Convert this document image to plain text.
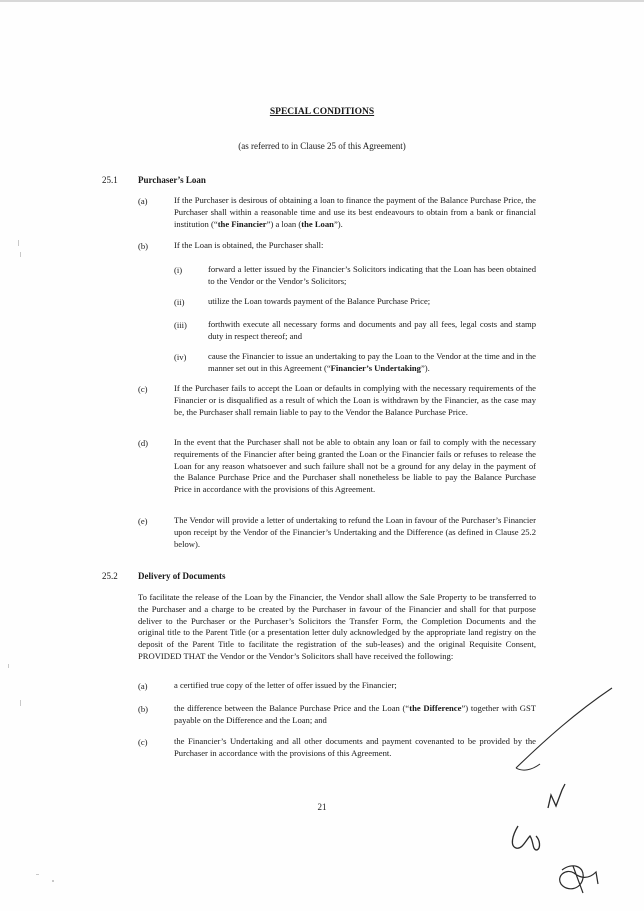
SPECIAL CONDITIONS
(as referred to in Clause 25 of this Agreement)
25.1 Purchaser’s Loan
(a)	If the Purchaser is desirous of obtaining a loan to finance the payment of the Balance Purchase Price, the Purchaser shall within a reasonable time and use its best endeavours to obtain from a bank or financial institution (“the Financier”) a loan (the Loan”).

(b)	If the Loan is obtained, the Purchaser shall:

(i)	forward a letter issued by the Financier’s Solicitors indicating that the Loan has been obtained to the Vendor or the Vendor’s Solicitors;

(ii)	utilize the Loan towards payment of the Balance Purchase Price;

(iii) forthwith execute all necessary forms and documents and pay all fees, legal costs and stamp duty in respect thereof; and

(iv)	cause the Financier to issue an undertaking to pay the Loan to the Vendor at the time and in the manner set out in this Agreement (“Financier’s Undertaking”).

(c)	If the Purchaser fails to accept the Loan or defaults in complying with the necessary requirements of the Financier or is disqualified as a result of which the Loan is withdrawn by the Financier, as the case may be, the Purchaser shall remain liable to pay to the Vendor the Balance Purchase Price.

(d)	In the event that the Purchaser shall not be able to obtain any loan or fail to comply with the necessary requirements of the Financier after being granted the Loan or the Financier fails or refuses to release the Loan for any reason whatsoever and such failure shall not be a ground for any delay in the payment of the Balance Purchase Price and the Purchaser shall nonetheless be liable to pay the Balance Purchase Price in accordance with the provisions of this Agreement.

(e)	The Vendor will provide a letter of undertaking to refund the Loan in favour of the Purchaser’s Financier upon receipt by the Vendor of the Financier’s Undertaking and the Difference (as defined in Clause 25.2 below).

25.2 Delivery of Documents

To facilitate the release of the Loan by the Financier, the Vendor shall allow the Sale Property to be transferred to the Purchaser and a charge to be created by the Purchaser in favour of the Financier and shall for that purpose deliver to the Purchaser or the Purchaser’s Solicitors the Transfer Form, the Completion Documents and the original title to the Parent Title (or a presentation letter duly acknowledged by the appropriate land registry on the deposit of the Parent Title to facilitate the registration of the sub-leases) and the original Requisite Consent, PROVIDED THAT the Vendor or the Vendor’s Solicitors shall have received the following:

(a)	a certified true copy of the letter of offer issued by the Financier;

(b)	the difference between the Balance Purchase Price and the Loan (“the Difference”) together with GST payable on the Difference and the Loan; and

(c)	the Financier’s Undertaking and all other documents and payment covenanted to be provided by the Purchaser in accordance with the provisions of this Agreement.

21
